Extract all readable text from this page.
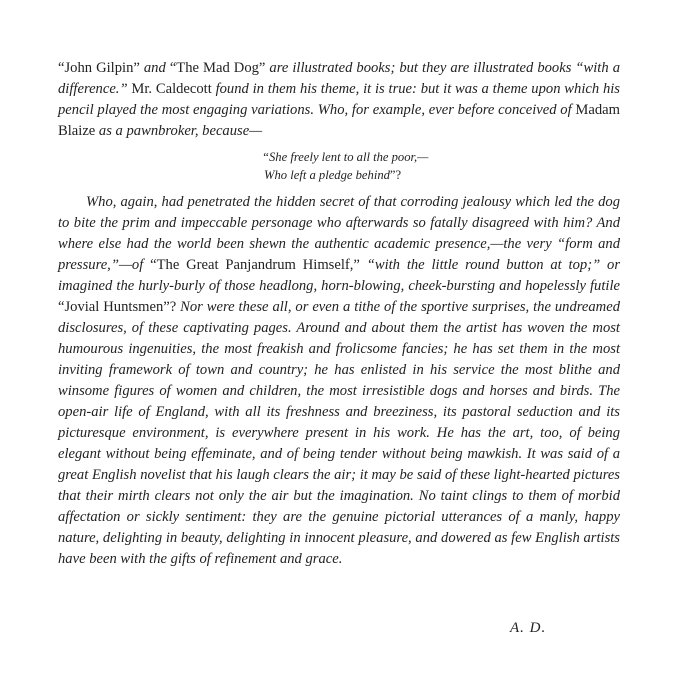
“John Gilpin” and “The Mad Dog” are illustrated books; but they are illustrated books “with a difference.” Mr. Caldecott found in them his theme, it is true: but it was a theme upon which his pencil played the most engaging variations. Who, for example, ever before conceived of Madam Blaize as a pawnbroker, because—

“She freely lent to all the poor,—
Who left a pledge behind”?

Who, again, had penetrated the hidden secret of that corroding jealousy which led the dog to bite the prim and impeccable personage who afterwards so fatally disagreed with him? And where else had the world been shewn the authentic academic presence,—the very “form and pressure,”—of “The Great Panjandrum Himself,” “with the little round button at top;” or imagined the hurly-burly of those headlong, horn-blowing, cheek-bursting and hopelessly futile “Jovial Huntsmen”? Nor were these all, or even a tithe of the sportive surprises, the undreamed disclosures, of these captivating pages. Around and about them the artist has woven the most humourous ingenuities, the most freakish and frolicsome fancies; he has set them in the most inviting framework of town and country; he has enlisted in his service the most blithe and winsome figures of women and children, the most irresistible dogs and horses and birds. The open-air life of England, with all its freshness and breeziness, its pastoral seduction and its picturesque environment, is everywhere present in his work. He has the art, too, of being elegant without being effeminate, and of being tender without being mawkish. It was said of a great English novelist that his laugh clears the air; it may be said of these light-hearted pictures that their mirth clears not only the air but the imagination. No taint clings to them of morbid affectation or sickly sentiment: they are the genuine pictorial utterances of a manly, happy nature, delighting in beauty, delighting in innocent pleasure, and dowered as few English artists have been with the gifts of refinement and grace.

A. D.
